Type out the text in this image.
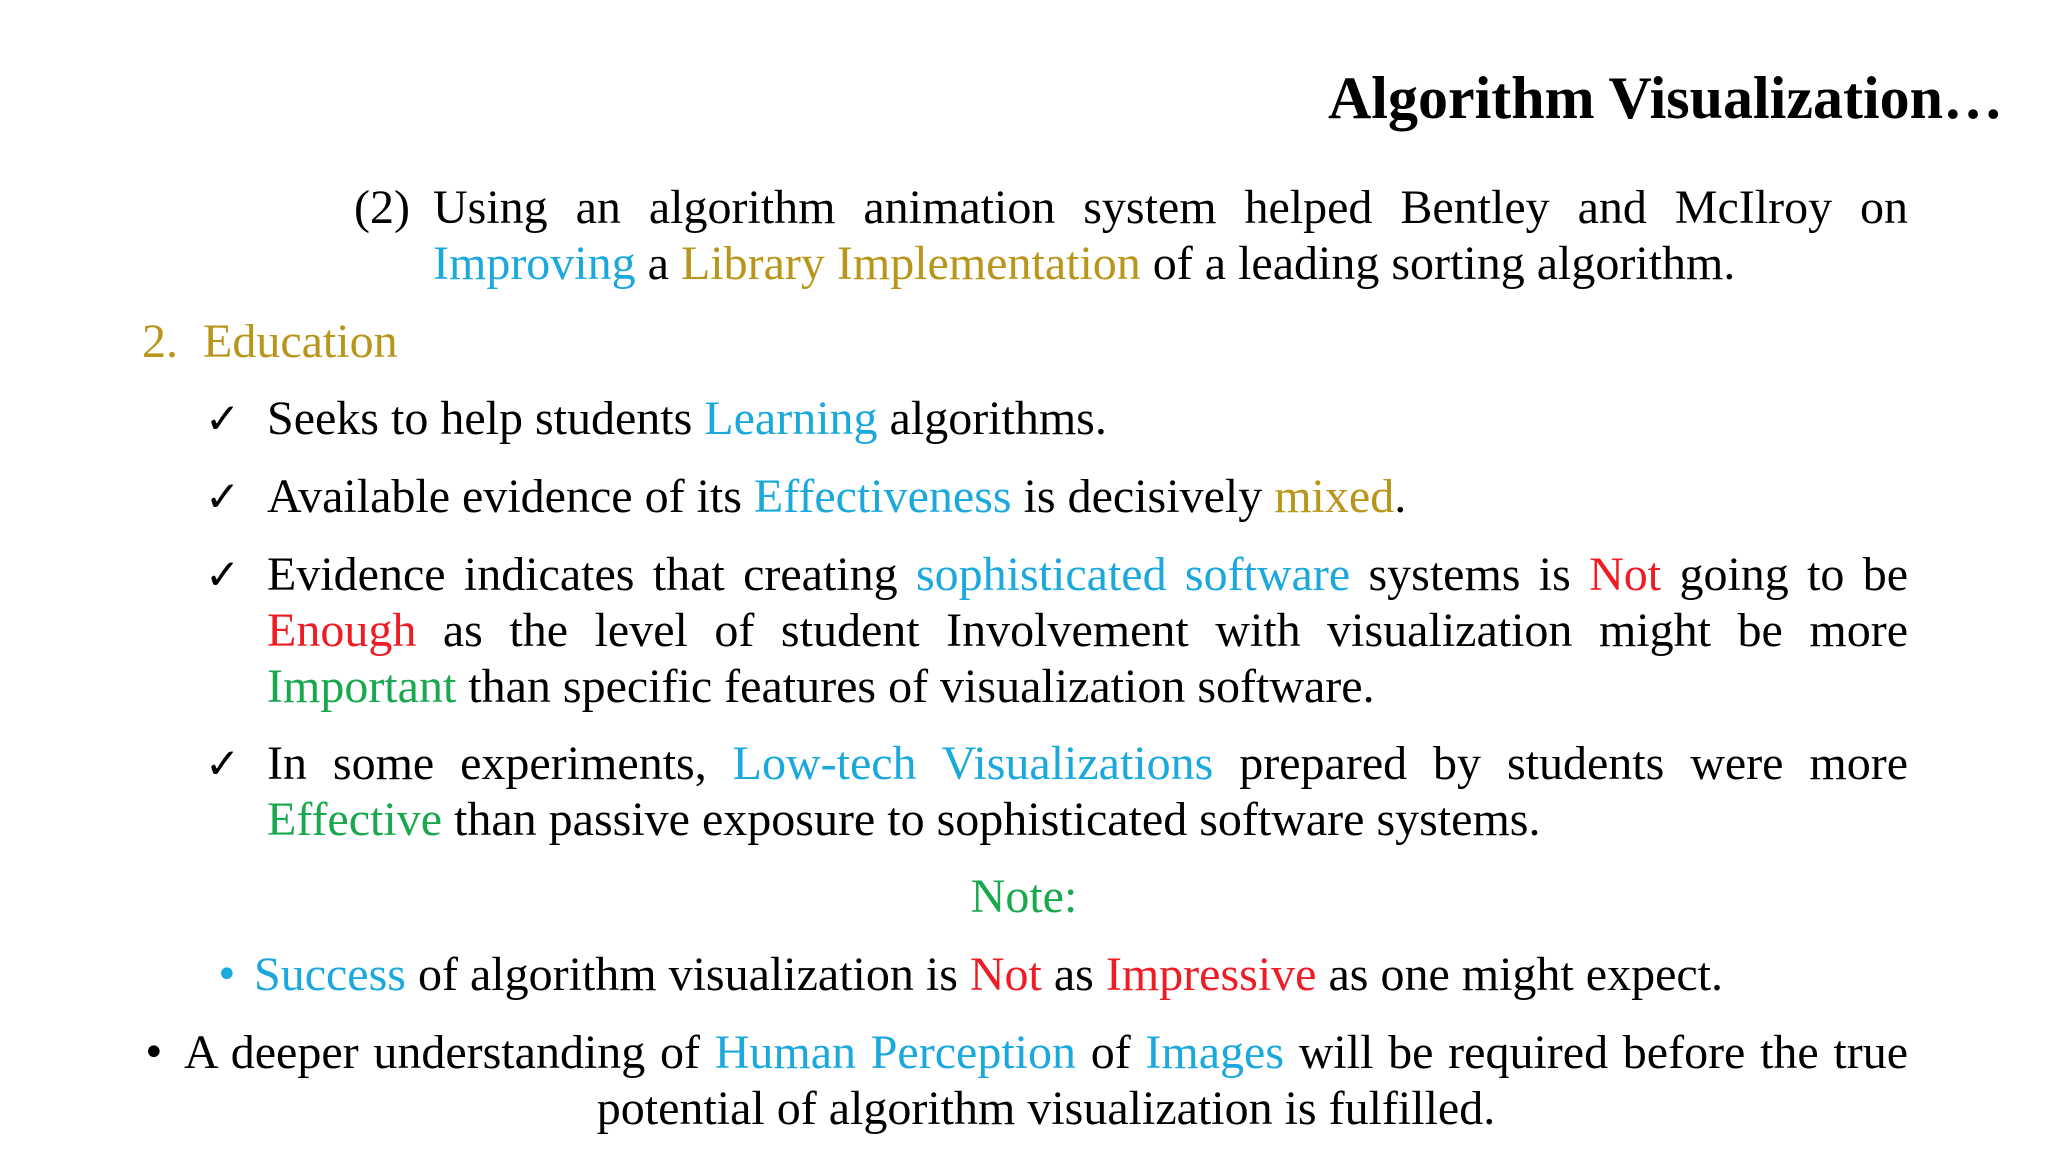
Algorithm Visualization…
(2) Using an algorithm animation system helped Bentley and McIlroy on Improving a Library Implementation of a leading sorting algorithm.
2. Education
✓ Seeks to help students Learning algorithms.
✓ Available evidence of its Effectiveness is decisively mixed.
✓ Evidence indicates that creating sophisticated software systems is Not going to be Enough as the level of student Involvement with visualization might be more Important than specific features of visualization software.
✓ In some experiments, Low-tech Visualizations prepared by students were more Effective than passive exposure to sophisticated software systems.
Note:
• Success of algorithm visualization is Not as Impressive as one might expect.
• A deeper understanding of Human Perception of Images will be required before the true potential of algorithm visualization is fulfilled.
